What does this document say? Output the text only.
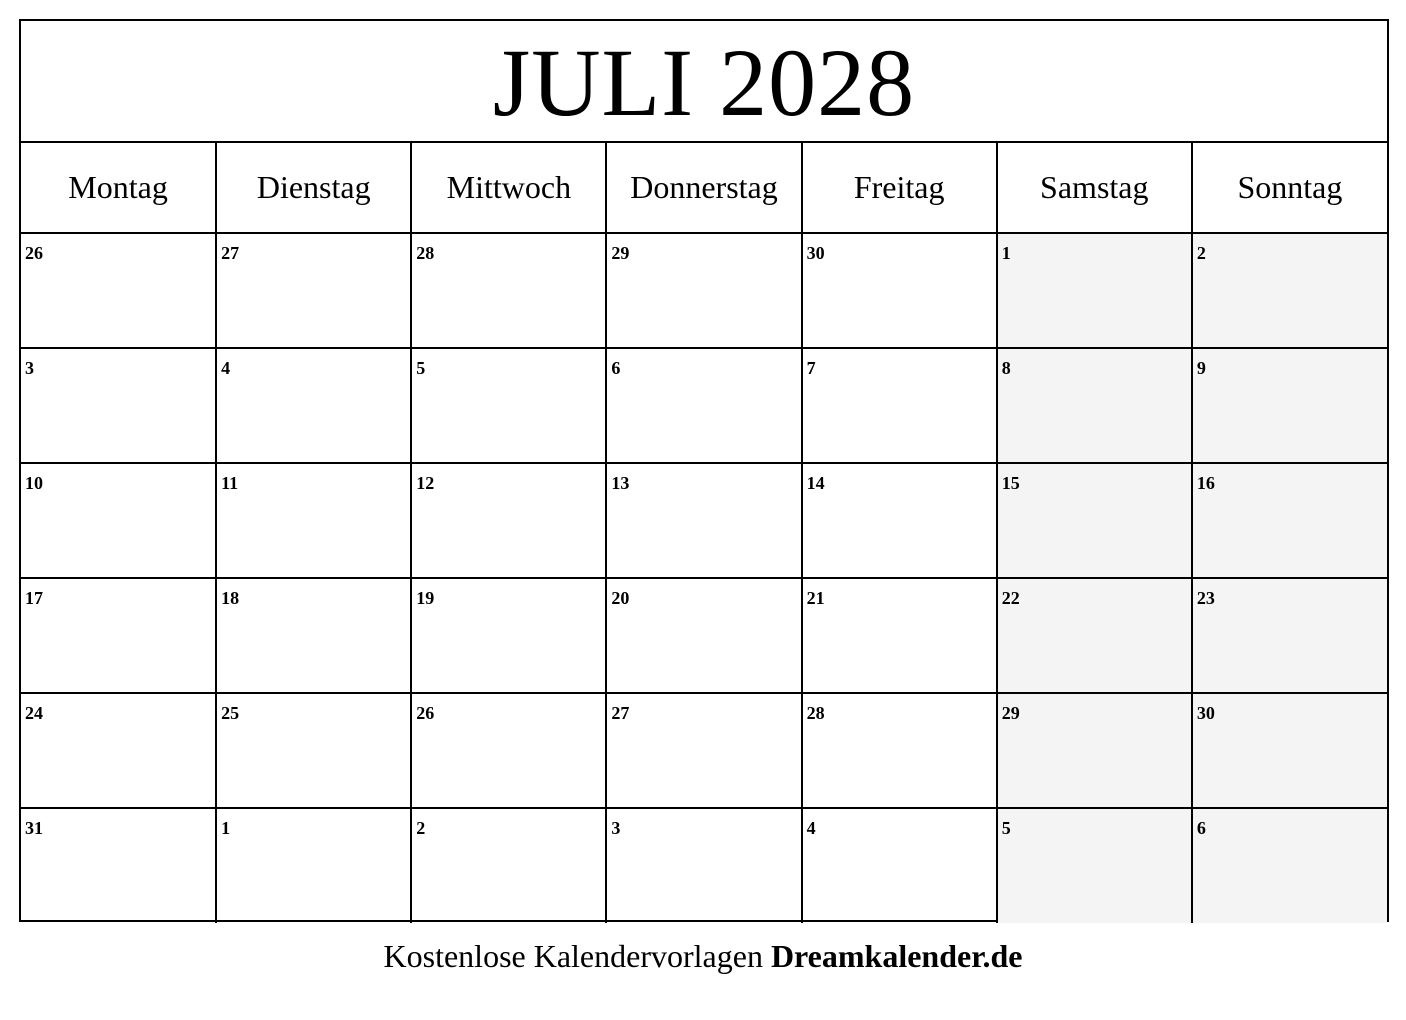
JULI 2028
Montag	Dienstag	Mittwoch	Donnerstag	Freitag	Samstag	Sonntag

26	27	28	29	30	1	2

3	4	5	6	7	8	9

10	11	12	13	14	15	16

17	18	19	20	21	22	23

24	25	26	27	28	29	30

31	1	2	3	4	5	6
Kostenlose Kalendervorlagen Dreamkalender.de
